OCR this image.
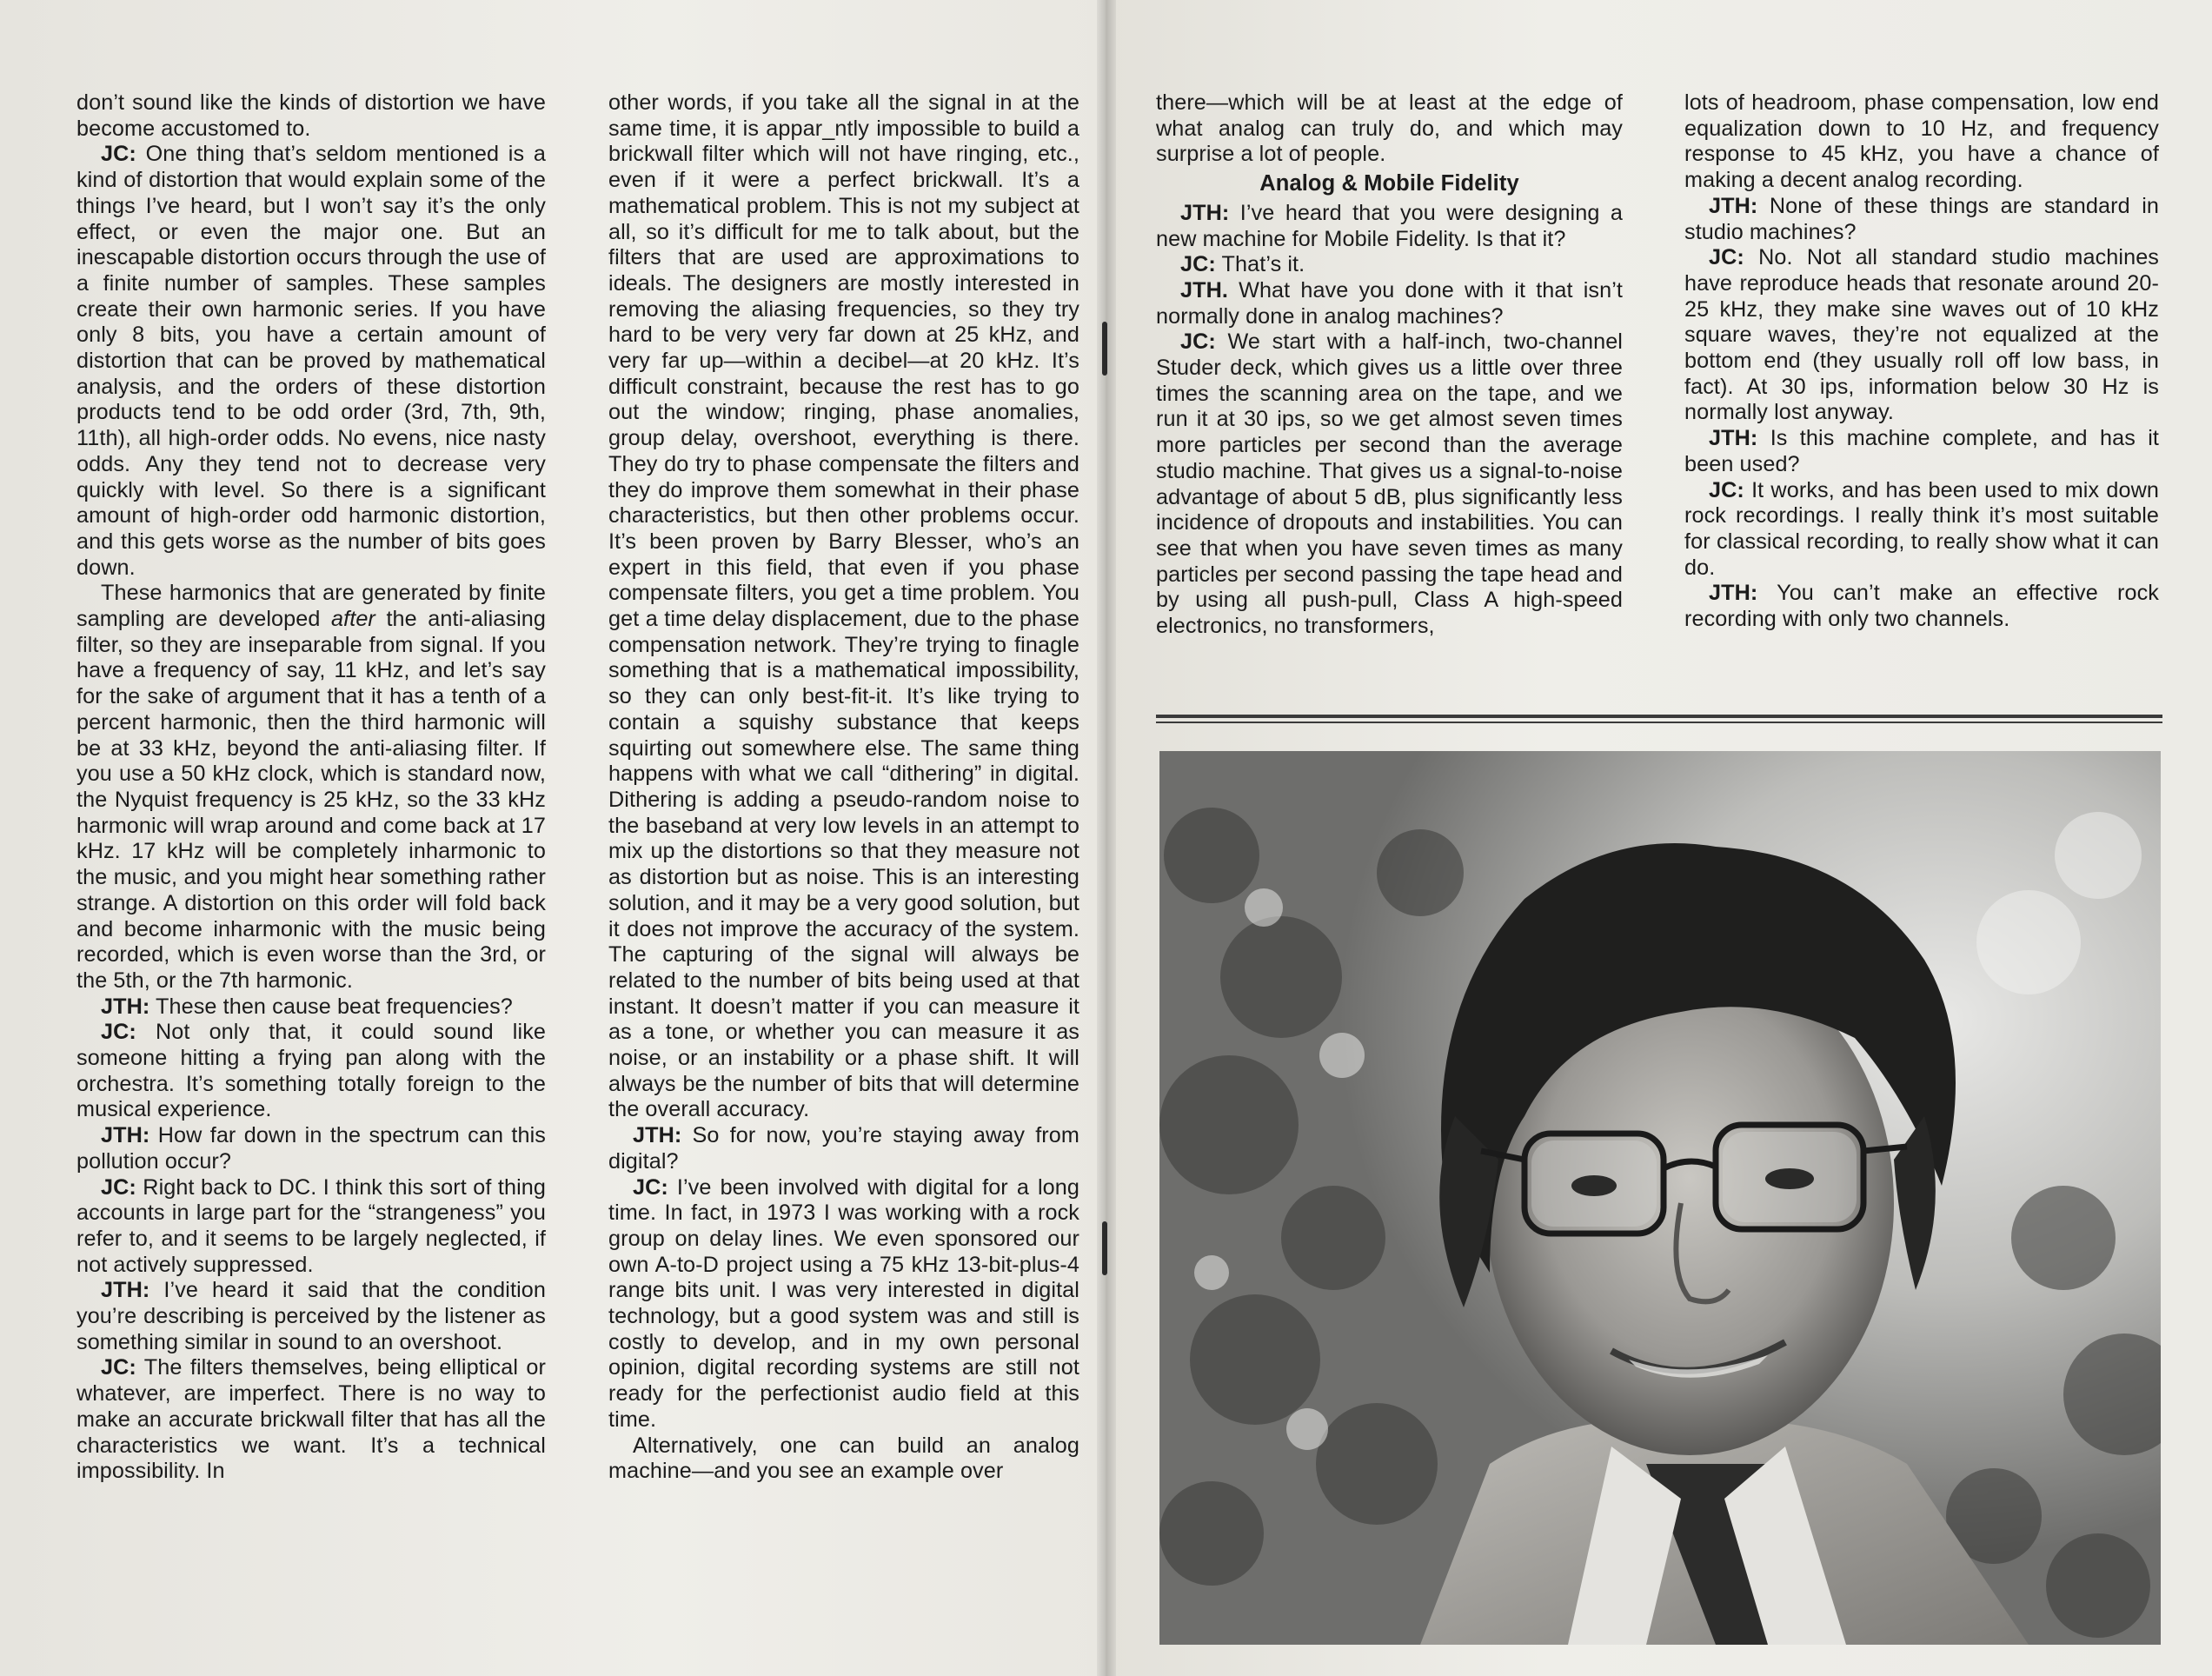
don’t sound like the kinds of distortion we have become accustomed to.

JC: One thing that’s seldom mentioned is a kind of distortion that would explain some of the things I’ve heard, but I won’t say it’s the only effect, or even the major one. But an inescapable distortion occurs through the use of a finite number of samples. These samples create their own harmonic series. If you have only 8 bits, you have a certain amount of distortion that can be proved by mathematical analysis, and the orders of these distortion products tend to be odd order (3rd, 7th, 9th, 11th), all high-order odds. No evens, nice nasty odds. Any they tend not to decrease very quickly with level. So there is a significant amount of high-order odd harmonic distortion, and this gets worse as the number of bits goes down.

These harmonics that are generated by finite sampling are developed after the anti-aliasing filter, so they are inseparable from signal. If you have a frequency of say, 11 kHz, and let’s say for the sake of argument that it has a tenth of a percent harmonic, then the third harmonic will be at 33 kHz, beyond the anti-aliasing filter. If you use a 50 kHz clock, which is standard now, the Nyquist frequency is 25 kHz, so the 33 kHz harmonic will wrap around and come back at 17 kHz. 17 kHz will be completely inharmonic to the music, and you might hear something rather strange. A distortion on this order will fold back and become inharmonic with the music being recorded, which is even worse than the 3rd, or the 5th, or the 7th harmonic.

JTH: These then cause beat frequencies?

JC: Not only that, it could sound like someone hitting a frying pan along with the orchestra. It’s something totally foreign to the musical experience.

JTH: How far down in the spectrum can this pollution occur?

JC: Right back to DC. I think this sort of thing accounts in large part for the “strangeness” you refer to, and it seems to be largely neglected, if not actively suppressed.

JTH: I’ve heard it said that the condition you’re describing is perceived by the listener as something similar in sound to an overshoot.

JC: The filters themselves, being elliptical or whatever, are imperfect. There is no way to make an accurate brickwall filter that has all the characteristics we want. It’s a technical impossibility. In

other words, if you take all the signal in at the same time, it is appar_ntly impossible to build a brickwall filter which will not have ringing, etc., even if it were a perfect brickwall. It’s a mathematical problem. This is not my subject at all, so it’s difficult for me to talk about, but the filters that are used are approximations to ideals. The designers are mostly interested in removing the aliasing frequencies, so they try hard to be very very far down at 25 kHz, and very far up—within a decibel—at 20 kHz. It’s difficult constraint, because the rest has to go out the window; ringing, phase anomalies, group delay, overshoot, everything is there. They do try to phase compensate the filters and they do improve them somewhat in their phase characteristics, but then other problems occur. It’s been proven by Barry Blesser, who’s an expert in this field, that even if you phase compensate filters, you get a time problem. You get a time delay displacement, due to the phase compensation network. They’re trying to finagle something that is a mathematical impossibility, so they can only best-fit-it. It’s like trying to contain a squishy substance that keeps squirting out somewhere else. The same thing happens with what we call “dithering” in digital. Dithering is adding a pseudo-random noise to the baseband at very low levels in an attempt to mix up the distortions so that they measure not as distortion but as noise. This is an interesting solution, and it may be a very good solution, but it does not improve the accuracy of the system. The capturing of the signal will always be related to the number of bits being used at that instant. It doesn’t matter if you can measure it as a tone, or whether you can measure it as noise, or an instability or a phase shift. It will always be the number of bits that will determine the overall accuracy.

JTH: So for now, you’re staying away from digital?

JC: I’ve been involved with digital for a long time. In fact, in 1973 I was working with a rock group on delay lines. We even sponsored our own A-to-D project using a 75 kHz 13-bit-plus-4 range bits unit. I was very interested in digital technology, but a good system was and still is costly to develop, and in my own personal opinion, digital recording systems are still not ready for the perfectionist audio field at this time.

Alternatively, one can build an analog machine—and you see an example over

there—which will be at least at the edge of what analog can truly do, and which may surprise a lot of people.

Analog & Mobile Fidelity

JTH: I’ve heard that you were designing a new machine for Mobile Fidelity. Is that it?

JC: That’s it.

JTH. What have you done with it that isn’t normally done in analog machines?

JC: We start with a half-inch, two-channel Studer deck, which gives us a little over three times the scanning area on the tape, and we run it at 30 ips, so we get almost seven times more particles per second than the average studio machine. That gives us a signal-to-noise advantage of about 5 dB, plus significantly less incidence of dropouts and instabilities. You can see that when you have seven times as many particles per second passing the tape head and by using all push-pull, Class A high-speed electronics, no transformers,

lots of headroom, phase compensation, low end equalization down to 10 Hz, and frequency response to 45 kHz, you have a chance of making a decent analog recording.

JTH: None of these things are standard in studio machines?

JC: No. Not all standard studio machines have reproduce heads that resonate around 20-25 kHz, they make sine waves out of 10 kHz square waves, they’re not equalized at the bottom end (they usually roll off low bass, in fact). At 30 ips, information below 30 Hz is normally lost anyway.

JTH: Is this machine complete, and has it been used?

JC: It works, and has been used to mix down rock recordings. I really think it’s most suitable for classical recording, to really show what it can do.

JTH: You can’t make an effective rock recording with only two channels.
